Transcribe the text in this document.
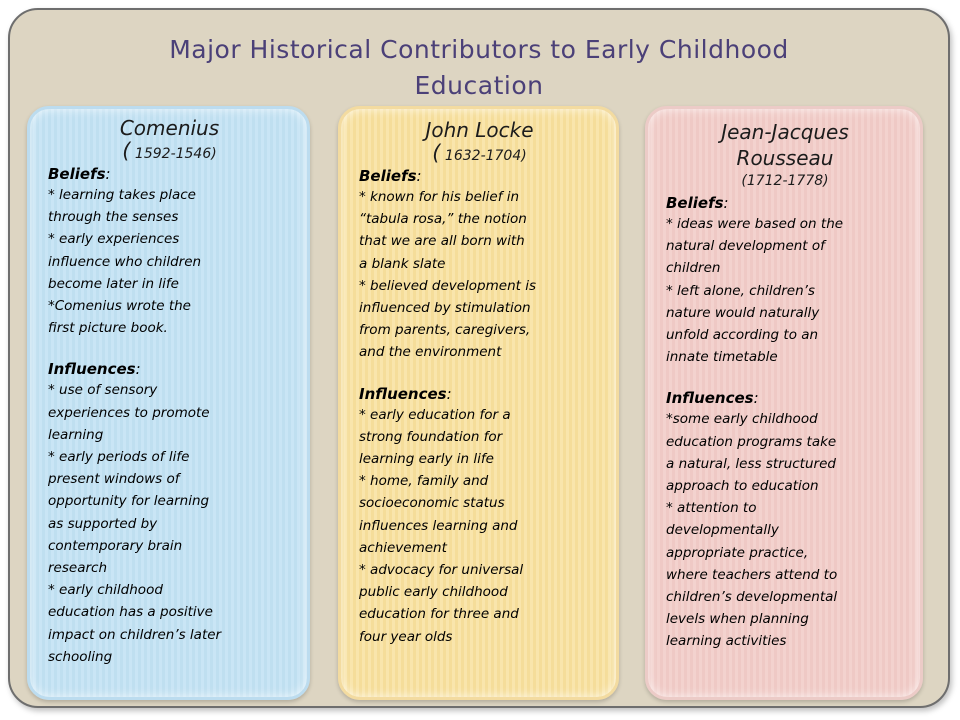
Major Historical Contributors to Early Childhood
Education
Comenius
( 1592-1546)
Beliefs:
* learning takes place
through the senses
* early experiences
influence who children
become later in life
*Comenius wrote the
first picture book.
Influences:
* use of sensory
experiences to promote
learning
* early periods of life
present windows of
opportunity for learning
as supported by
contemporary brain
research
* early childhood
education has a positive
impact on children’s later
schooling
John Locke
( 1632-1704)
Beliefs:
* known for his belief in
“tabula rosa,” the notion
that we are all born with
a blank slate
* believed development is
influenced by stimulation
from parents, caregivers,
and the environment
Influences:
* early education for a
strong foundation for
learning early in life
* home, family and
socioeconomic status
influences learning and
achievement
* advocacy for universal
public early childhood
education for three and
four year olds
Jean-Jacques
Rousseau
(1712-1778)
Beliefs:
* ideas were based on the
natural development of
children
* left alone, children’s
nature would naturally
unfold according to an
innate timetable
Influences:
*some early childhood
education programs take
a natural, less structured
approach to education
* attention to
developmentally
appropriate practice,
where teachers attend to
children’s developmental
levels when planning
learning activities
